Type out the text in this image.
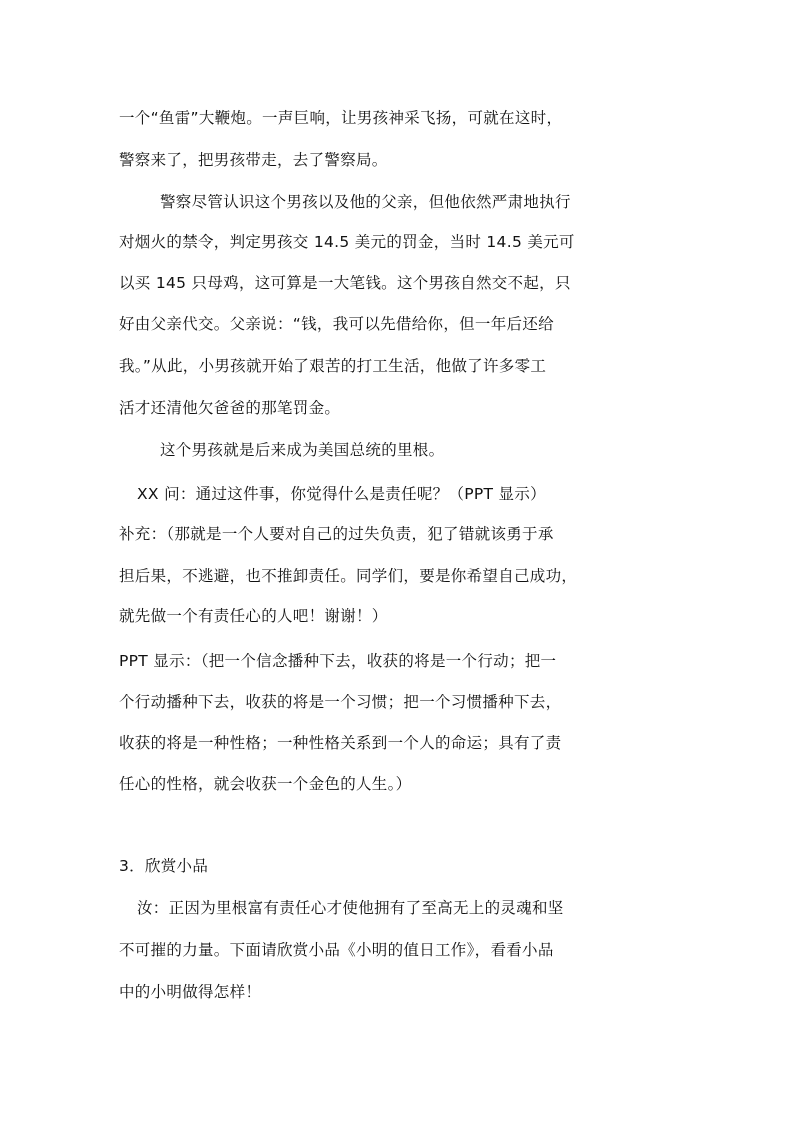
一个“鱼雷”大鞭炮。一声巨响，让男孩神采飞扬，可就在这时，
警察来了，把男孩带走，去了警察局。
警察尽管认识这个男孩以及他的父亲，但他依然严肃地执行
对烟火的禁令，判定男孩交 14.5 美元的罚金，当时 14.5 美元可
以买 145 只母鸡，这可算是一大笔钱。这个男孩自然交不起，只
好由父亲代交。父亲说：“钱，我可以先借给你，但一年后还给
我。”从此，小男孩就开始了艰苦的打工生活，他做了许多零工
活才还清他欠爸爸的那笔罚金。
这个男孩就是后来成为美国总统的里根。
XX 问：通过这件事，你觉得什么是责任呢？（PPT 显示）
补充：（那就是一个人要对自己的过失负责，犯了错就该勇于承
担后果，不逃避，也不推卸责任。同学们，要是你希望自己成功，
就先做一个有责任心的人吧！谢谢！）
PPT 显示：（把一个信念播种下去，收获的将是一个行动；把一
个行动播种下去，收获的将是一个习惯；把一个习惯播种下去，
收获的将是一种性格；一种性格关系到一个人的命运；具有了责
任心的性格，就会收获一个金色的人生。）
3．欣赏小品
汝：正因为里根富有责任心才使他拥有了至高无上的灵魂和坚
不可摧的力量。下面请欣赏小品《小明的值日工作》，看看小品
中的小明做得怎样！
